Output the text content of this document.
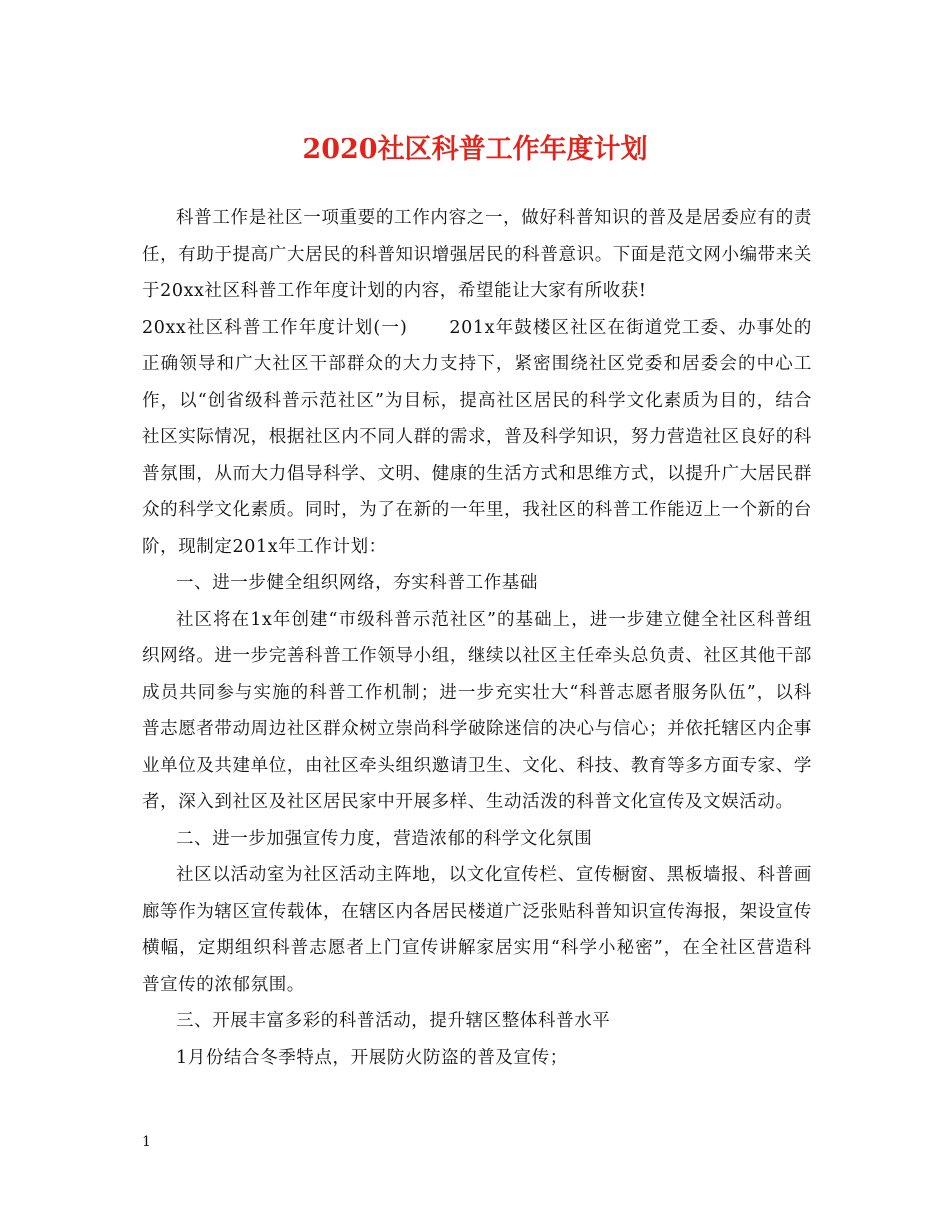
2020社区科普工作年度计划

科普工作是社区一项重要的工作内容之一，做好科普知识的普及是居委应有的责任，有助于提高广大居民的科普知识增强居民的科普意识。下面是范文网小编带来关于20xx社区科普工作年度计划的内容，希望能让大家有所收获!

20xx社区科普工作年度计划(一) 201x年鼓楼区社区在街道党工委、办事处的正确领导和广大社区干部群众的大力支持下，紧密围绕社区党委和居委会的中心工作，以“创省级科普示范社区”为目标，提高社区居民的科学文化素质为目的，结合社区实际情况，根据社区内不同人群的需求，普及科学知识，努力营造社区良好的科普氛围，从而大力倡导科学、文明、健康的生活方式和思维方式，以提升广大居民群众的科学文化素质。同时，为了在新的一年里，我社区的科普工作能迈上一个新的台阶，现制定201x年工作计划：

一、进一步健全组织网络，夯实科普工作基础

社区将在1x年创建“市级科普示范社区”的基础上，进一步建立健全社区科普组织网络。进一步完善科普工作领导小组，继续以社区主任牵头总负责、社区其他干部成员共同参与实施的科普工作机制；进一步充实壮大“科普志愿者服务队伍”，以科普志愿者带动周边社区群众树立崇尚科学破除迷信的决心与信心；并依托辖区内企事业单位及共建单位，由社区牵头组织邀请卫生、文化、科技、教育等多方面专家、学者，深入到社区及社区居民家中开展多样、生动活泼的科普文化宣传及文娱活动。

二、进一步加强宣传力度，营造浓郁的科学文化氛围

社区以活动室为社区活动主阵地，以文化宣传栏、宣传橱窗、黑板墙报、科普画廊等作为辖区宣传载体，在辖区内各居民楼道广泛张贴科普知识宣传海报，架设宣传横幅，定期组织科普志愿者上门宣传讲解家居实用“科学小秘密”，在全社区营造科普宣传的浓郁氛围。

三、开展丰富多彩的科普活动，提升辖区整体科普水平

1月份结合冬季特点，开展防火防盗的普及宣传；

1
